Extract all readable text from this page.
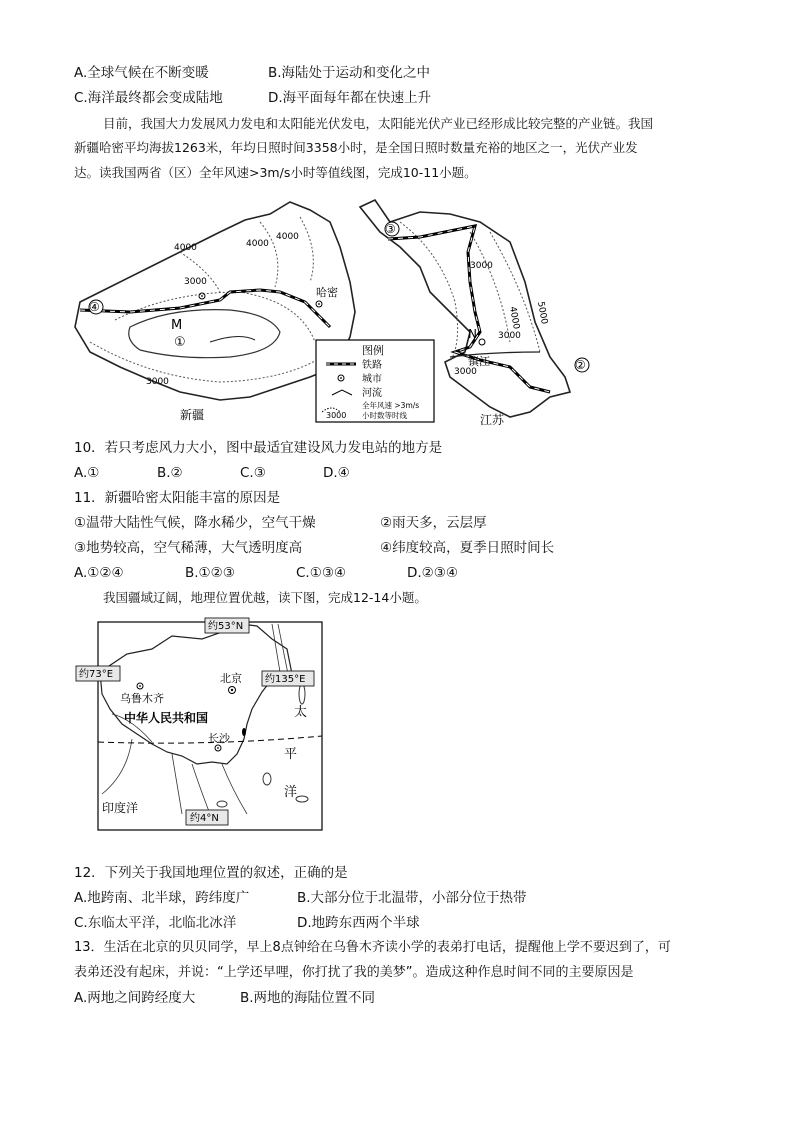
A.全球气候在不断变暖	B.海陆处于运动和变化之中
C.海洋最终都会变成陆地	D.海平面每年都在快速上升
目前，我国大力发展风力发电和太阳能光伏发电，太阳能光伏产业已经形成比较完整的产业链。我国
新疆哈密平均海拔1263米，年均日照时间3358小时，是全国日照时数量充裕的地区之一，光伏产业发
达。读我国两省（区）全年风速>3m/s小时等值线图，完成10-11小题。
4000	4000
4000
3000
3000
哈密
④
M
①
新疆
③
②
N
镇江
3000
4000 5000
3000
3000
江苏
图例
铁路
城市
河流
3000
全年风速 >3m/s
小时数等时线
10．若只考虑风力大小，图中最适宜建设风力发电站的地方是
A.①	B.②	C.③	D.④
11．新疆哈密太阳能丰富的原因是
①温带大陆性气候，降水稀少，空气干燥	②雨天多，云层厚
③地势较高，空气稀薄，大气透明度高	④纬度较高，夏季日照时间长
A.①②④	B.①②③	C.①③④	D.②③④
我国疆域辽阔，地理位置优越，读下图，完成12-14小题。
约53°N
约73°E	约135°E
约4°N
乌鲁木齐
北京
中华人民共和国
长沙
太
平
洋
印度洋
12．下列关于我国地理位置的叙述，正确的是
A.地跨南、北半球，跨纬度广	B.大部分位于北温带，小部分位于热带
C.东临太平洋，北临北冰洋	D.地跨东西两个半球
13．生活在北京的贝贝同学，早上8点钟给在乌鲁木齐读小学的表弟打电话，提醒他上学不要迟到了，可
表弟还没有起床，并说：“上学还早哩，你打扰了我的美梦”。造成这种作息时间不同的主要原因是
A.两地之间跨经度大	B.两地的海陆位置不同
